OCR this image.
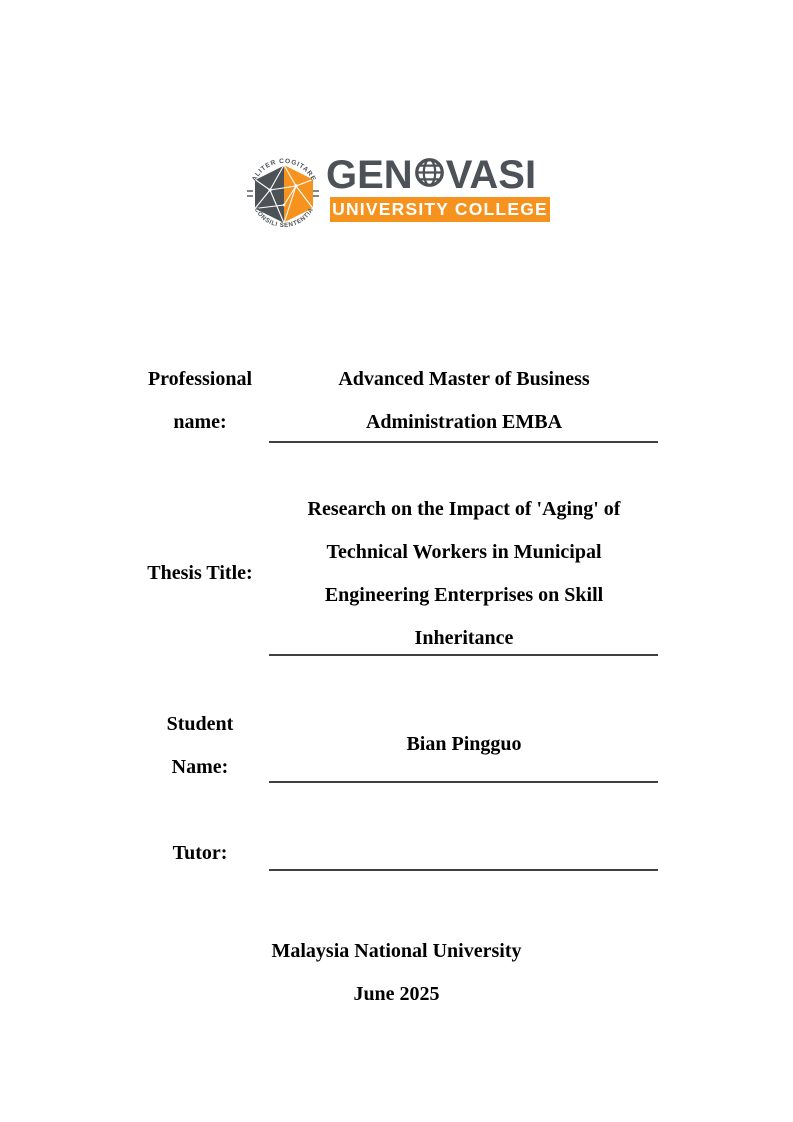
ALITER COGITARE
CONSILI SENTENTIA
GEN VASI
UNIVERSITY COLLEGE
Professional
name:
Advanced Master of Business
Administration EMBA
Thesis Title:
Research on the Impact of 'Aging' of
Technical Workers in Municipal
Engineering Enterprises on Skill
Inheritance
Student
Name:
Bian Pingguo
Tutor:
Malaysia National University
June 2025
